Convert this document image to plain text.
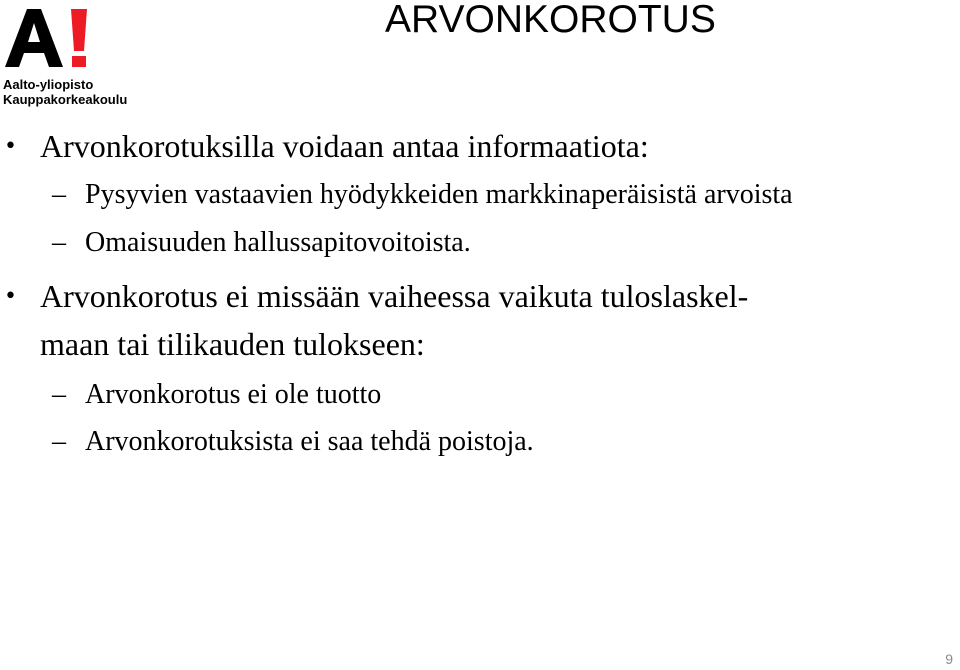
Aalto-yliopisto
Kauppakorkeakoulu
ARVONKOROTUS
• Arvonkorotuksilla voidaan antaa informaatiota:
– Pysyvien vastaavien hyödykkeiden markkinaperäisistä arvoista
– Omaisuuden hallussapitovoitoista.
• Arvonkorotus ei missään vaiheessa vaikuta tuloslaskel-
maan tai tilikauden tulokseen:
– Arvonkorotus ei ole tuotto
– Arvonkorotuksista ei saa tehdä poistoja.
9
